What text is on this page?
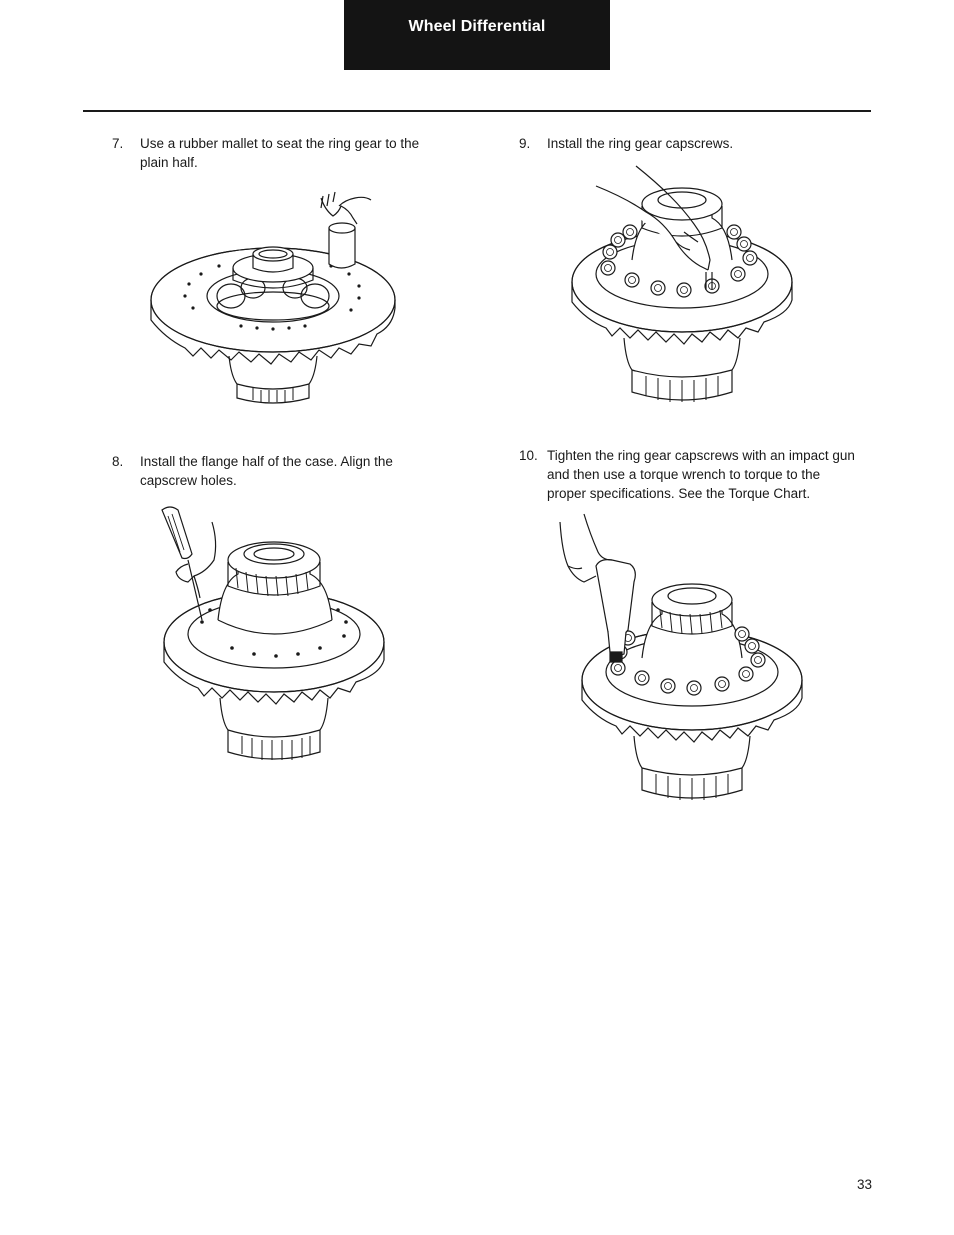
Wheel Differential
7. Use a rubber mallet to seat the ring gear to the plain half.
8. Install the flange half of the case. Align the capscrew holes.
9. Install the ring gear capscrews.
10. Tighten the ring gear capscrews with an impact gun and then use a torque wrench to torque to the proper specifications. See the Torque Chart.
33
